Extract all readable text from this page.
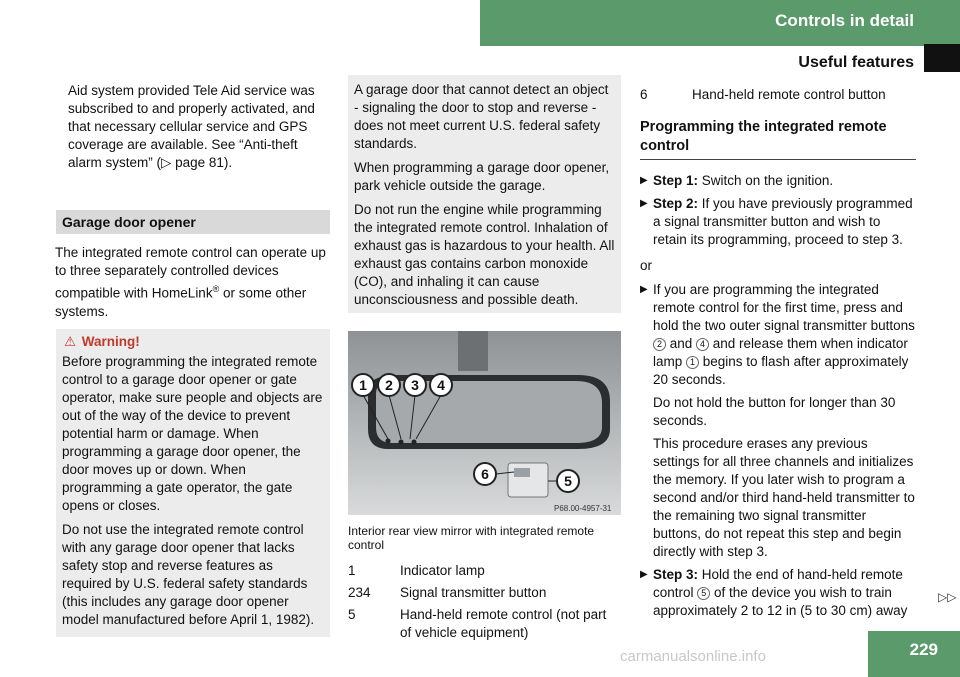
Controls in detail
Useful features

Aid system provided Tele Aid service was subscribed to and properly activated, and that necessary cellular service and GPS coverage are available. See “Anti-theft alarm system” (▷ page 81).

Garage door opener

The integrated remote control can operate up to three separately controlled devices compatible with HomeLink® or some other systems.

⚠ Warning!

Before programming the integrated remote control to a garage door opener or gate operator, make sure people and objects are out of the way of the device to prevent potential harm or damage. When programming a garage door opener, the door moves up or down. When programming a gate operator, the gate opens or closes.

Do not use the integrated remote control with any garage door opener that lacks safety stop and reverse features as required by U.S. federal safety standards (this includes any garage door opener model manufactured before April 1, 1982).

A garage door that cannot detect an object - signaling the door to stop and reverse - does not meet current U.S. federal safety standards.

When programming a garage door opener, park vehicle outside the garage.

Do not run the engine while programming the integrated remote control. Inhalation of exhaust gas is hazardous to your health. All exhaust gas contains carbon monoxide (CO), and inhaling it can cause unconsciousness and possible death.

P68.00-4957-31
1	2	3	4
5
6

Interior rear view mirror with integrated remote control

1	Indicator lamp
234	Signal transmitter button
5	Hand-held remote control (not part of vehicle equipment)
6	Hand-held remote control button
Programming the integrated remote control
▶ Step 1: Switch on the ignition.
▶ Step 2: If you have previously programmed a signal transmitter button and wish to retain its programming, proceed to step 3.

or

▶ If you are programming the integrated remote control for the first time, press and hold the two outer signal transmitter buttons 2 and 4 and release them when indicator lamp 1 begins to flash after approximately 20 seconds.

Do not hold the button for longer than 30 seconds.

This procedure erases any previous settings for all three channels and initializes the memory. If you later wish to program a second and/or third hand-held transmitter to the remaining two signal transmitter buttons, do not repeat this step and begin directly with step 3.

▶ Step 3: Hold the end of hand-held remote control 5 of the device you wish to train approximately 2 to 12 in (5 to 30 cm) away
▷▷
carmanualsonline.info	229
